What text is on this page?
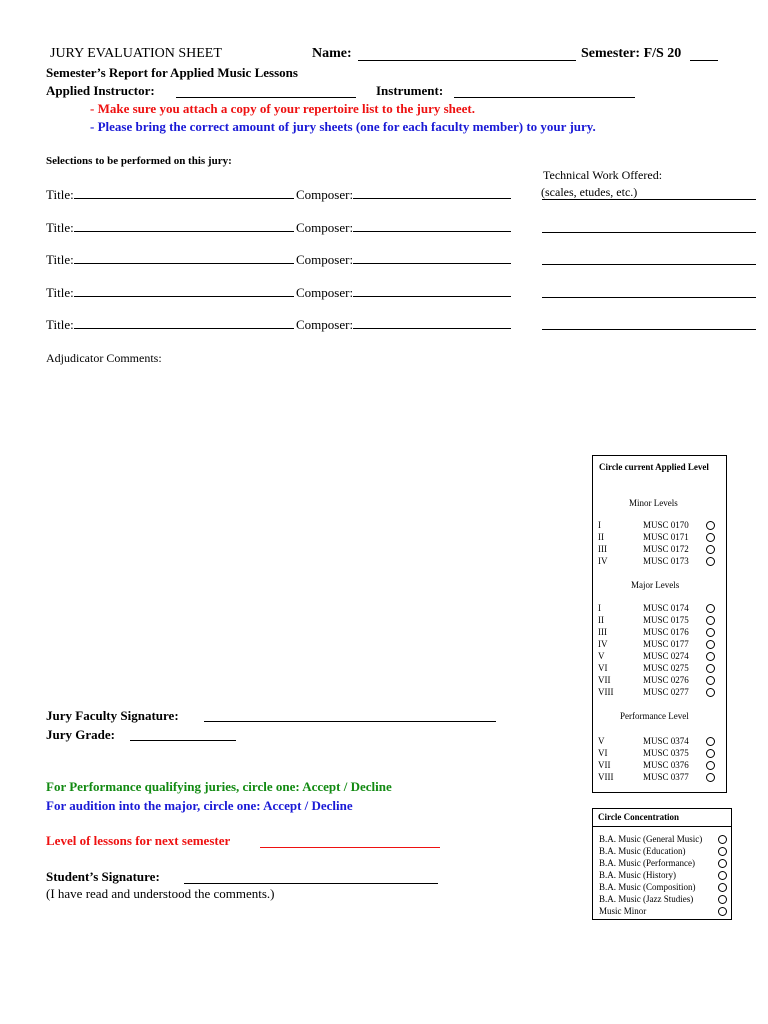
JURY EVALUATION SHEET	Name:	Semester: F/S 20
Semester’s Report for Applied Music Lessons
Applied Instructor:	Instrument:
- Make sure you attach a copy of your repertoire list to the jury sheet.
- Please bring the correct amount of jury sheets (one for each faculty member) to your jury.
Selections to be performed on this jury:
Technical Work Offered:
(scales, etudes, etc.)
Title:	Composer:
Title:	Composer:
Title:	Composer:
Title:	Composer:
Title:	Composer:
Adjudicator Comments:
Circle current Applied Level
Minor Levels
Major Levels
Performance Level
I	MUSC 0170
II	MUSC 0171
III	MUSC 0172
IV	MUSC 0173
I	MUSC 0174
II	MUSC 0175
III	MUSC 0176
IV	MUSC 0177
V	MUSC 0274
VI	MUSC 0275
VII	MUSC 0276
VIII	MUSC 0277
V	MUSC 0374
VI	MUSC 0375
VII	MUSC 0376
VIII	MUSC 0377
Circle Concentration
B.A. Music (General Music)
B.A. Music (Education)
B.A. Music (Performance)
B.A. Music (History)
B.A. Music (Composition)
B.A. Music (Jazz Studies)
Music Minor
Jury Faculty Signature:
Jury Grade:
For Performance qualifying juries, circle one: Accept / Decline
For audition into the major, circle one: Accept / Decline
Level of lessons for next semester
Student’s Signature:
(I have read and understood the comments.)
